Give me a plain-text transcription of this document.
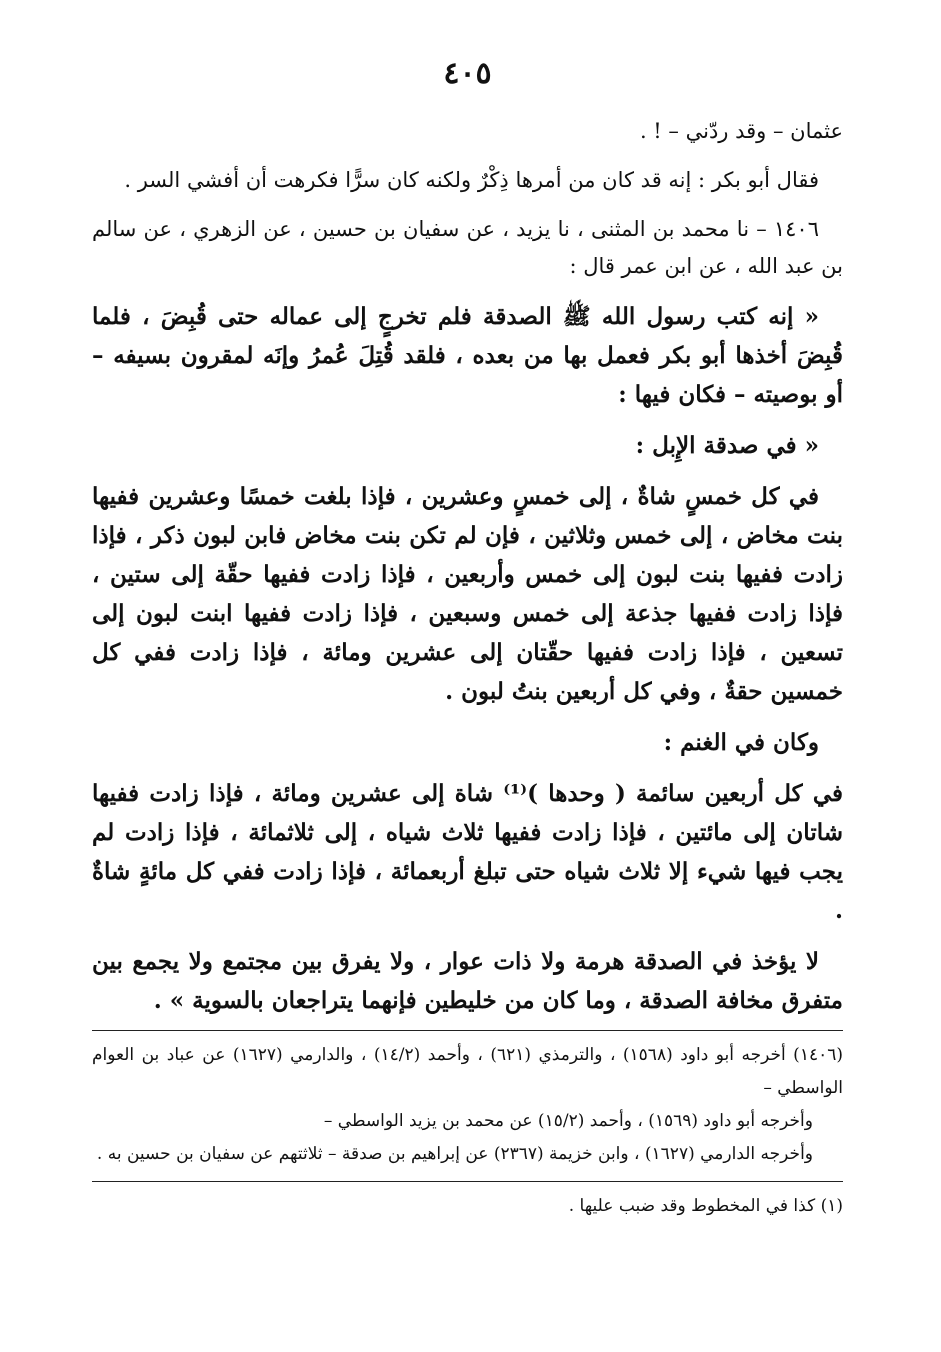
٤٠٥

عثمان – وقد ردّني – ! .

فقال أبو بكر : إنه قد كان من أمرها ذِكْرٌ ولكنه كان سرًّا فكرهت أن أفشي السر .

١٤٠٦ – نا محمد بن المثنى ، نا يزيد ، عن سفيان بن حسين ، عن الزهري ، عن سالم بن عبد الله ، عن ابن عمر قال :

« إنه كتب رسول الله ﷺ الصدقة فلم تخرجٍ إلى عماله حتى قُبِضَ ، فلما قُبِضَ أخذها أبو بكر فعمل بها من بعده ، فلقد قُتِلَ عُمرُ وإنَه لمقرون بسيفه – أو بوصيته – فكان فيها :

« في صدقة الإِبل :

في كل خمسٍ شاةٌ ، إلى خمسٍ وعشرين ، فإذا بلغت خمسًا وعشرين ففيها بنت مخاض ، إلى خمس وثلاثين ، فإن لم تكن بنت مخاض فابن لبون ذكر ، فإذا زادت ففيها بنت لبون إلى خمس وأربعين ، فإذا زادت ففيها حقّة إلى ستين ، فإذا زادت ففيها جذعة إلى خمس وسبعين ، فإذا زادت ففيها ابنت لبون إلى تسعين ، فإذا زادت ففيها حقّتان إلى عشرين ومائة ، فإذا زادت ففي كل خمسين حقةٌ ، وفي كل أربعين بنتُ لبون .

وكان في الغنم :

في كل أربعين سائمة ( وحدها )⁽¹⁾ شاة إلى عشرين ومائة ، فإذا زادت ففيها شاتان إلى مائتين ، فإذا زادت ففيها ثلاث شياه ، إلى ثلاثمائة ، فإذا زادت لم يجب فيها شيء إلا ثلاث شياه حتى تبلغ أربعمائة ، فإذا زادت ففي كل مائةٍ شاةٌ .

لا يؤخذ في الصدقة هرمة ولا ذات عوار ، ولا يفرق بين مجتمع ولا يجمع بين متفرق مخافة الصدقة ، وما كان من خليطين فإنهما يتراجعان بالسوية » .

(١٤٠٦) أخرجه أبو داود (١٥٦٨) ، والترمذي (٦٢١) ، وأحمد (١٤/٢) ، والدارمي (١٦٢٧) عن عباد بن العوام الواسطي –

وأخرجه أبو داود (١٥٦٩) ، وأحمد (١٥/٢) عن محمد بن يزيد الواسطي –

وأخرجه الدارمي (١٦٢٧) ، وابن خزيمة (٢٣٦٧) عن إبراهيم بن صدقة – ثلاثتهم عن سفيان بن حسين به .

(١) كذا في المخطوط وقد ضبب عليها .
